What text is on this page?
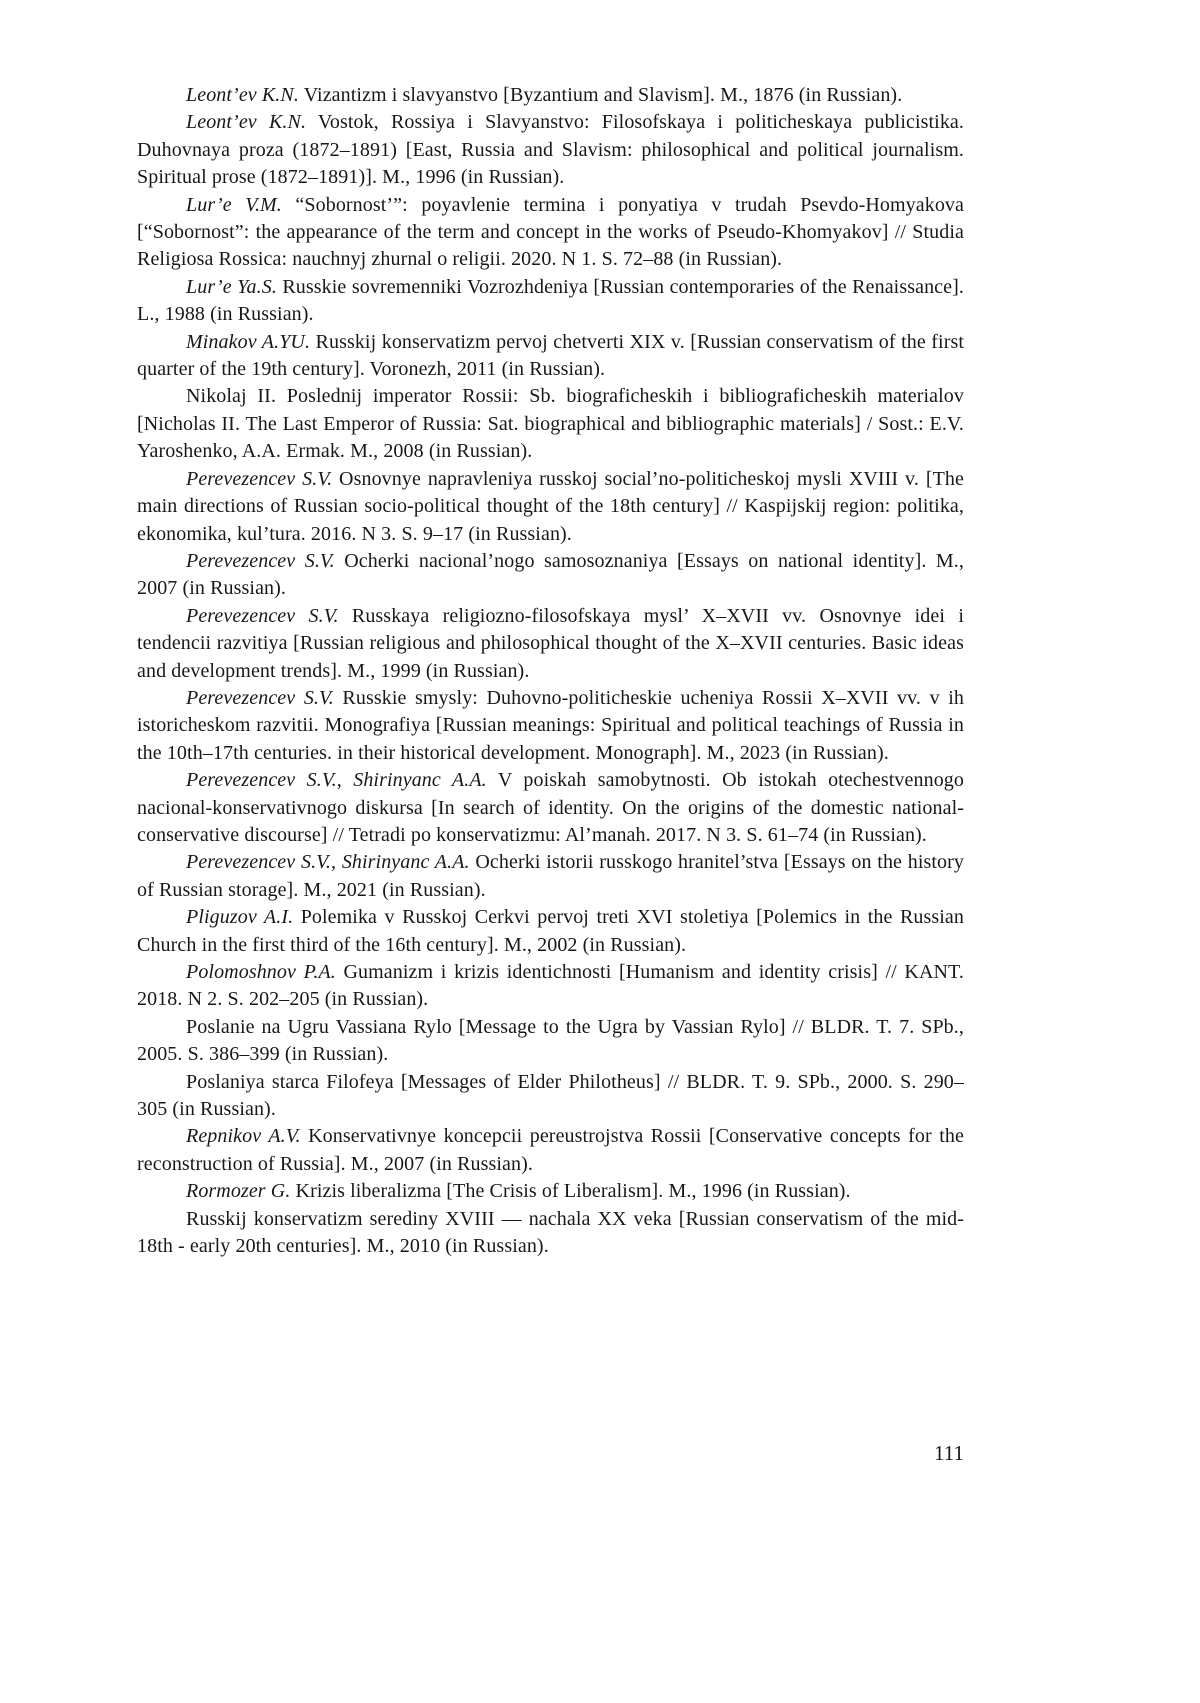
Leont’ev K.N. Vizantizm i slavyanstvo [Byzantium and Slavism]. M., 1876 (in Russian).

Leont’ev K.N. Vostok, Rossiya i Slavyanstvo: Filosofskaya i politicheskaya publicistika. Duhovnaya proza (1872–1891) [East, Russia and Slavism: philosophical and political journalism. Spiritual prose (1872–1891)]. M., 1996 (in Russian).

Lur’e V.M. “Sobornost’”: poyavlenie termina i ponyatiya v trudah Psevdo-Homyakova [“Sobornost”: the appearance of the term and concept in the works of Pseudo-Khomyakov] // Studia Religiosa Rossica: nauchnyj zhurnal o religii. 2020. N 1. S. 72–88 (in Russian).

Lur’e Ya.S. Russkie sovremenniki Vozrozhdeniya [Russian contemporaries of the Renaissance]. L., 1988 (in Russian).

Minakov A.YU. Russkij konservatizm pervoj chetverti XIX v. [Russian conservatism of the first quarter of the 19th century]. Voronezh, 2011 (in Russian).

Nikolaj II. Poslednij imperator Rossii: Sb. biograficheskih i bibliograficheskih materialov [Nicholas II. The Last Emperor of Russia: Sat. biographical and bibliographic materials] / Sost.: E.V. Yaroshenko, A.A. Ermak. M., 2008 (in Russian).

Perevezencev S.V. Osnovnye napravleniya russkoj social’no-politicheskoj mysli XVIII v. [The main directions of Russian socio-political thought of the 18th century] // Kaspijskij region: politika, ekonomika, kul’tura. 2016. N 3. S. 9–17 (in Russian).

Perevezencev S.V. Ocherki nacional’nogo samosoznaniya [Essays on national identity]. M., 2007 (in Russian).

Perevezencev S.V. Russkaya religiozno-filosofskaya mysl’ X–XVII vv. Osnovnye idei i tendencii razvitiya [Russian religious and philosophical thought of the X–XVII centuries. Basic ideas and development trends]. M., 1999 (in Russian).

Perevezencev S.V. Russkie smysly: Duhovno-politicheskie ucheniya Rossii X–XVII vv. v ih istoricheskom razvitii. Monografiya [Russian meanings: Spiritual and political teachings of Russia in the 10th–17th centuries. in their historical development. Monograph]. M., 2023 (in Russian).

Perevezencev S.V., Shirinyanc A.A. V poiskah samobytnosti. Ob istokah otechestvennogo nacional-konservativnogo diskursa [In search of identity. On the origins of the domestic national-conservative discourse] // Tetradi po konservatizmu: Al’manah. 2017. N 3. S. 61–74 (in Russian).

Perevezencev S.V., Shirinyanc A.A. Ocherki istorii russkogo hranitel’stva [Essays on the history of Russian storage]. M., 2021 (in Russian).

Pliguzov A.I. Polemika v Russkoj Cerkvi pervoj treti XVI stoletiya [Polemics in the Russian Church in the first third of the 16th century]. M., 2002 (in Russian).

Polomoshnov P.A. Gumanizm i krizis identichnosti [Humanism and identity crisis] // KANT. 2018. N 2. S. 202–205 (in Russian).

Poslanie na Ugru Vassiana Rylo [Message to the Ugra by Vassian Rylo] // BLDR. T. 7. SPb., 2005. S. 386–399 (in Russian).

Poslaniya starca Filofeya [Messages of Elder Philotheus] // BLDR. T. 9. SPb., 2000. S. 290–305 (in Russian).

Repnikov A.V. Konservativnye koncepcii pereustrojstva Rossii [Conservative concepts for the reconstruction of Russia]. M., 2007 (in Russian).

Rormozer G. Krizis liberalizma [The Crisis of Liberalism]. M., 1996 (in Russian).

Russkij konservatizm serediny XVIII — nachala XX veka [Russian conservatism of the mid-18th - early 20th centuries]. M., 2010 (in Russian).

111
